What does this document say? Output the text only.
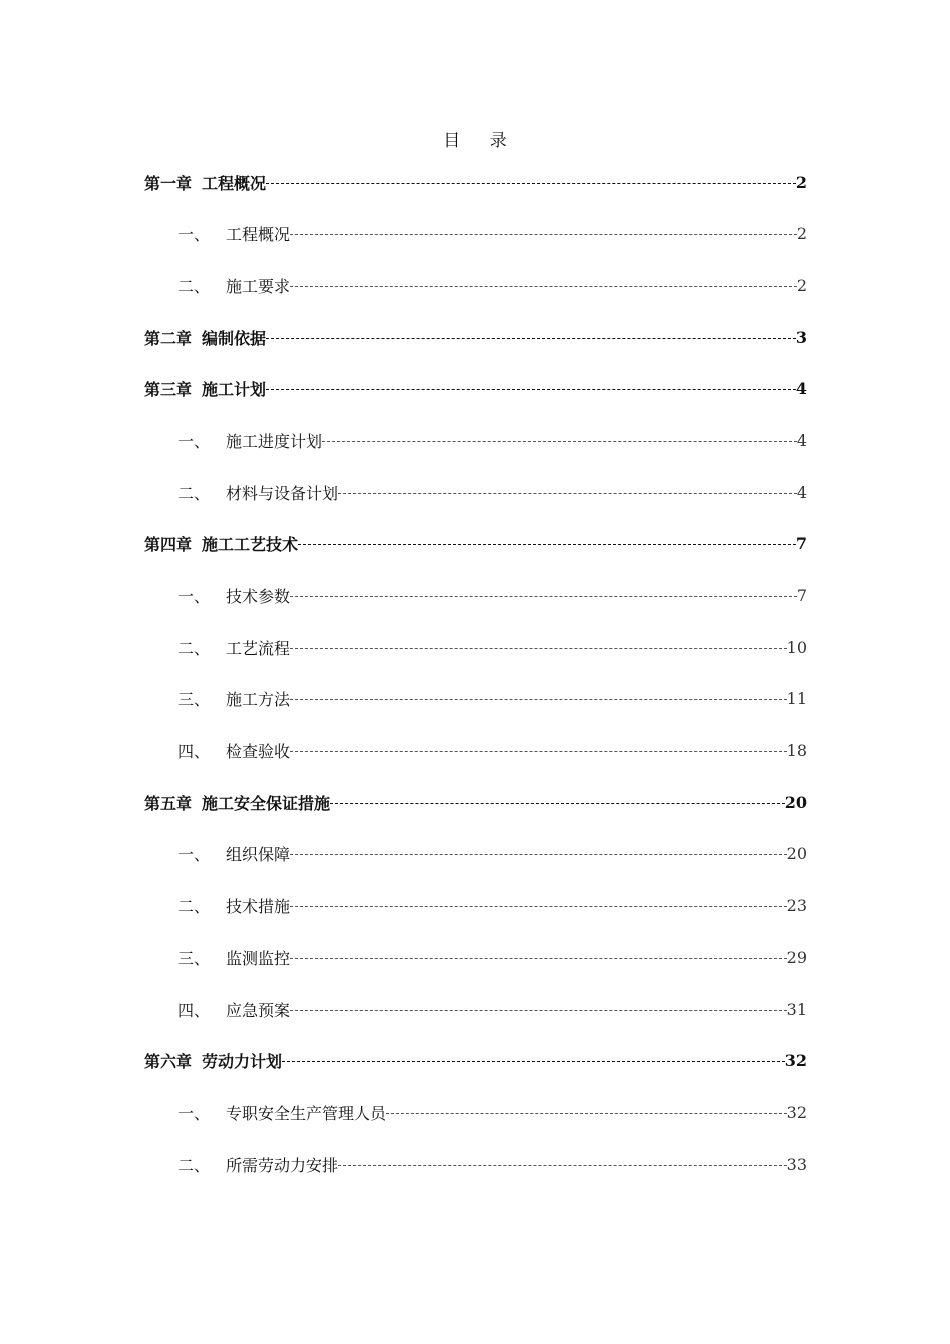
目 录
第一章 工程概况	2
一、 工程概况	2
二、 施工要求	2
第二章 编制依据	3
第三章 施工计划	4
一、 施工进度计划	4
二、 材料与设备计划	4
第四章 施工工艺技术	7
一、 技术参数	7
二、 工艺流程	10
三、 施工方法	11
四、 检查验收	18
第五章 施工安全保证措施	20
一、 组织保障	20
二、 技术措施	23
三、 监测监控	29
四、 应急预案	31
第六章 劳动力计划	32
一、 专职安全生产管理人员	32
二、 所需劳动力安排	33
